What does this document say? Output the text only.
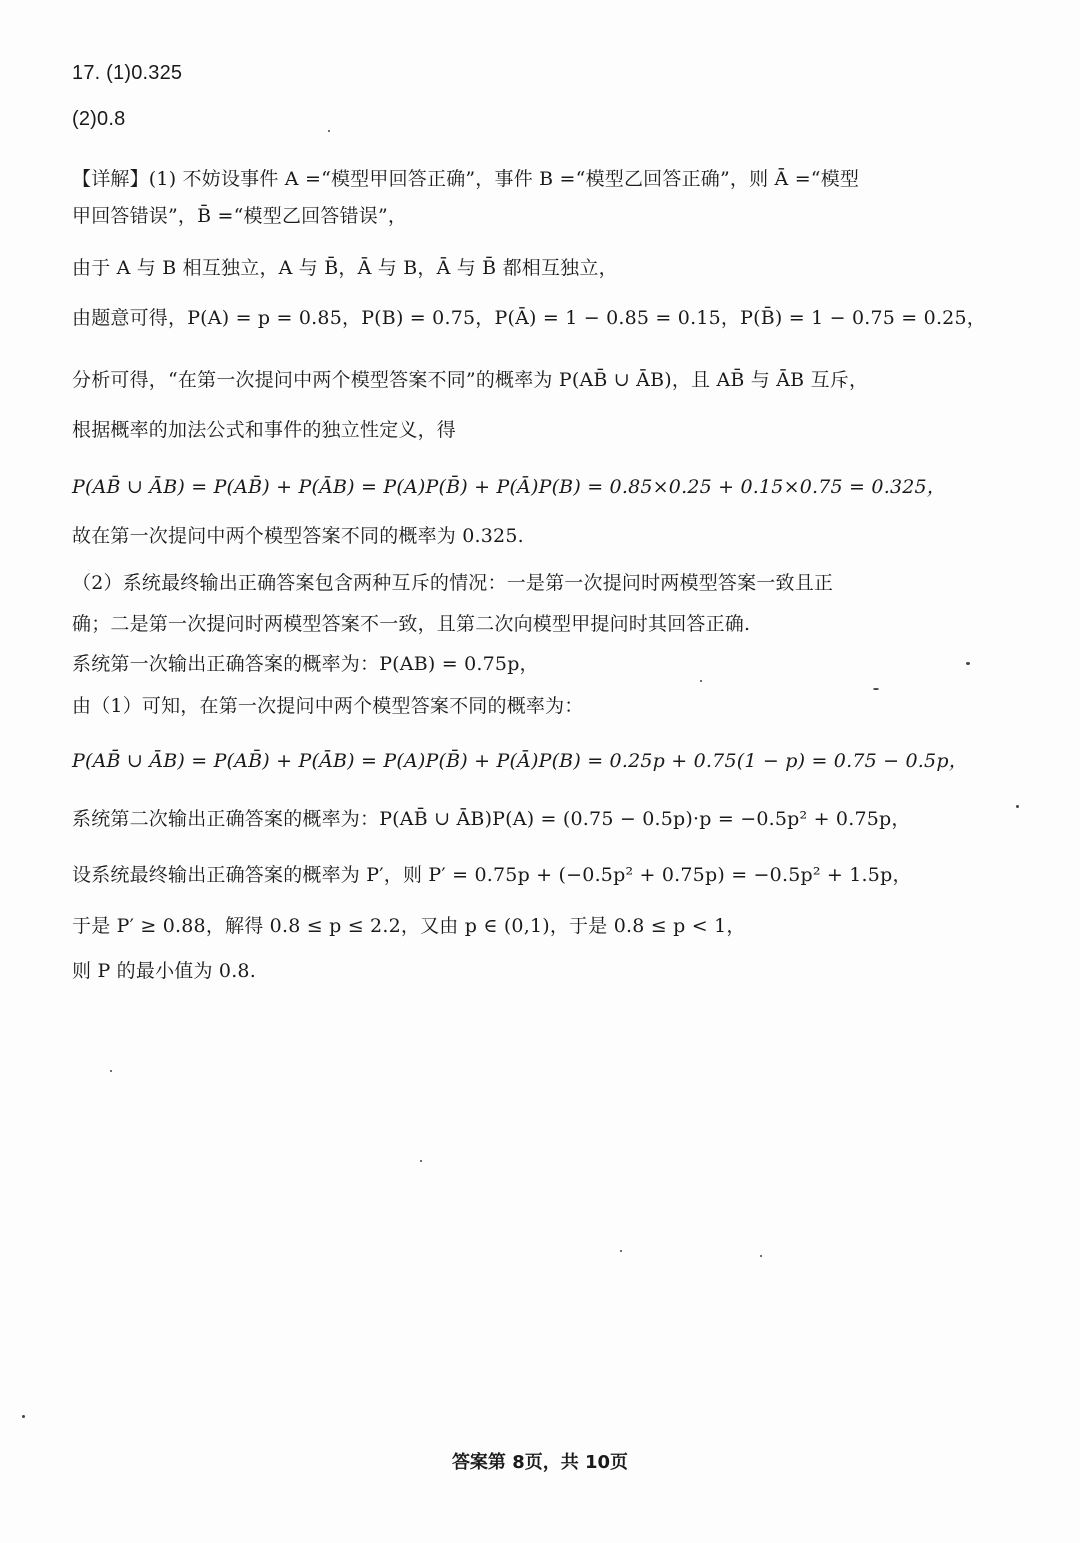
17. (1)0.325
(2)0.8
【详解】(1) 不妨设事件 A =“模型甲回答正确”，事件 B =“模型乙回答正确”，则 Ā =“模型
甲回答错误”，B̄ =“模型乙回答错误”，
由于 A 与 B 相互独立，A 与 B̄，Ā 与 B，Ā 与 B̄ 都相互独立，
由题意可得，P(A) = p = 0.85，P(B) = 0.75，P(Ā) = 1 − 0.85 = 0.15，P(B̄) = 1 − 0.75 = 0.25，
分析可得，“在第一次提问中两个模型答案不同”的概率为 P(AB̄ ∪ ĀB)，且 AB̄ 与 ĀB 互斥，
根据概率的加法公式和事件的独立性定义，得
P(AB̄ ∪ ĀB) = P(AB̄) + P(ĀB) = P(A)P(B̄) + P(Ā)P(B) = 0.85×0.25 + 0.15×0.75 = 0.325，
故在第一次提问中两个模型答案不同的概率为 0.325.
（2）系统最终输出正确答案包含两种互斥的情况：一是第一次提问时两模型答案一致且正
确；二是第一次提问时两模型答案不一致，且第二次向模型甲提问时其回答正确.
系统第一次输出正确答案的概率为：P(AB) = 0.75p，
由（1）可知，在第一次提问中两个模型答案不同的概率为：
P(AB̄ ∪ ĀB) = P(AB̄) + P(ĀB) = P(A)P(B̄) + P(Ā)P(B) = 0.25p + 0.75(1 − p) = 0.75 − 0.5p，
系统第二次输出正确答案的概率为：P(AB̄ ∪ ĀB)P(A) = (0.75 − 0.5p)·p = −0.5p² + 0.75p，
设系统最终输出正确答案的概率为 P′，则 P′ = 0.75p + (−0.5p² + 0.75p) = −0.5p² + 1.5p，
于是 P′ ≥ 0.88，解得 0.8 ≤ p ≤ 2.2，又由 p ∈ (0,1)，于是 0.8 ≤ p < 1，
则 P 的最小值为 0.8.
答案第 8页，共 10页
